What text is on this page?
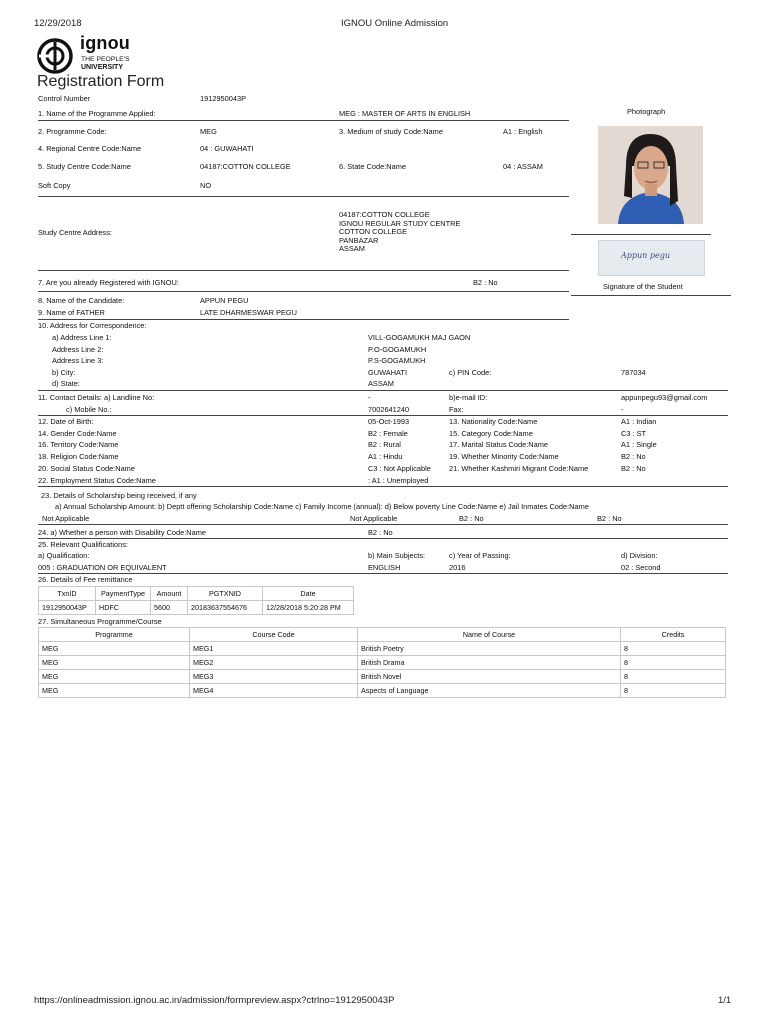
12/29/2018	IGNOU Online Admission
ignou
THE PEOPLE'S
UNIVERSITY
Registration Form
Control Number	1912950043P
1. Name of the Programme Applied:	MEG : MASTER OF ARTS IN ENGLISH	Photograph
2. Programme Code:	MEG	3. Medium of study Code:Name	A1 : English
4. Regional Centre Code:Name	04 : GUWAHATI
5. Study Centre Code:Name	04187:COTTON COLLEGE	6. State Code:Name	04 : ASSAM
Soft Copy	NO
Study Centre Address:
04187:COTTON COLLEGE
IGNOU REGULAR STUDY CENTRE
COTTON COLLEGE
PANBAZAR
ASSAM
Appun pegu
7. Are you already Registered with IGNOU:	B2 : No	Signature of the Student
8. Name of the Candidate:	APPUN PEGU
9. Name of FATHER	LATE DHARMESWAR PEGU
10. Address for Correspondence:
a) Address Line 1:	VILL-GOGAMUKH MAJ GAON
Address Line 2:	P.O-GOGAMUKH
Address Line 3:	P.S-GOGAMUKH
b) City:	GUWAHATI	c) PIN Code:	787034
d) State:	ASSAM
11. Contact Details: a) Landline No:	-	b)e-mail ID:	appunpegu93@gmail.com
c) Mobile No.:	7002641240	Fax:	-
12. Date of Birth:	05-Oct-1993	13. Nationality Code:Name	A1 : Indian
14. Gender Code:Name	B2 : Female	15. Category Code:Name	C3 : ST
16. Territory Code:Name	B2 : Rural	17. Marital Status Code:Name	A1 : Single
18. Religion Code:Name	A1 : Hindu	19. Whether Minority Code:Name	B2 : No
20. Social Status Code:Name	C3 : Not Applicable 21. Whether Kashmiri Migrant Code:Name	B2 : No
22. Employment Status Code:Name	: A1 : Unemployed
23. Details of Scholarship being received, if any
a) Annual Scholarship Amount: b) Deptt offering Scholarship Code:Name c) Family Income (annual): d) Below poverty Line Code:Name e) Jail Inmates Code:Name
Not Applicable	Not Applicable	B2 : No	B2 : No
24. a) Whether a person with Disability Code:Name	B2 : No
25. Relevant Qualifications:
a) Qualification:	b) Main Subjects:	c) Year of Passing:	d) Division:
005 : GRADUATION OR EQUIVALENT	ENGLISH	2016	02 : Second
26. Details of Fee remittance
TxnID	PaymentType	Amount	PGTXNID	Date
1912950043P	HDFC	5600	20183637554676	12/28/2018 5:20:28 PM
27. Simultaneous Programme/Course
Programme	Course Code	Name of Course	Credits
MEG	MEG1	British Poetry	8
MEG	MEG2	British Drama	8
MEG	MEG3	British Novel	8
MEG	MEG4	Aspects of Language	8
https://onlineadmission.ignou.ac.in/admission/formpreview.aspx?ctrlno=1912950043P	1/1
